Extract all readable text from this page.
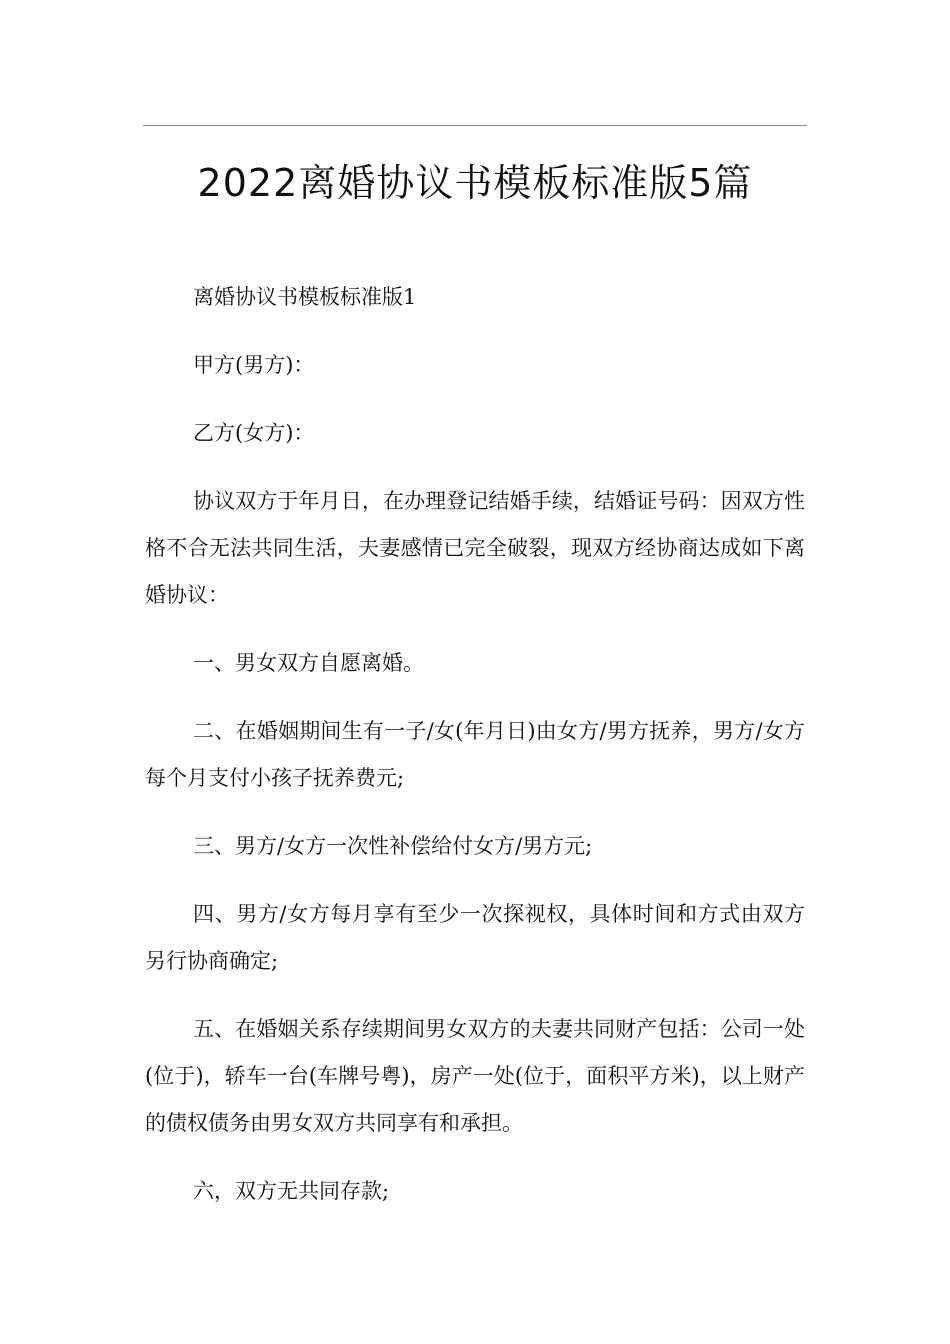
2022离婚协议书模板标准版5篇

离婚协议书模板标准版1

甲方(男方)：

乙方(女方)：

协议双方于年月日，在办理登记结婚手续，结婚证号码：因双方性格不合无法共同生活，夫妻感情已完全破裂，现双方经协商达成如下离婚协议：

一、男女双方自愿离婚。

二、在婚姻期间生有一子/女(年月日)由女方/男方抚养，男方/女方每个月支付小孩子抚养费元;

三、男方/女方一次性补偿给付女方/男方元;

四、男方/女方每月享有至少一次探视权，具体时间和方式由双方另行协商确定;

五、在婚姻关系存续期间男女双方的夫妻共同财产包括：公司一处(位于)，轿车一台(车牌号粤)，房产一处(位于，面积平方米)，以上财产的债权债务由男女双方共同享有和承担。

六，双方无共同存款;
